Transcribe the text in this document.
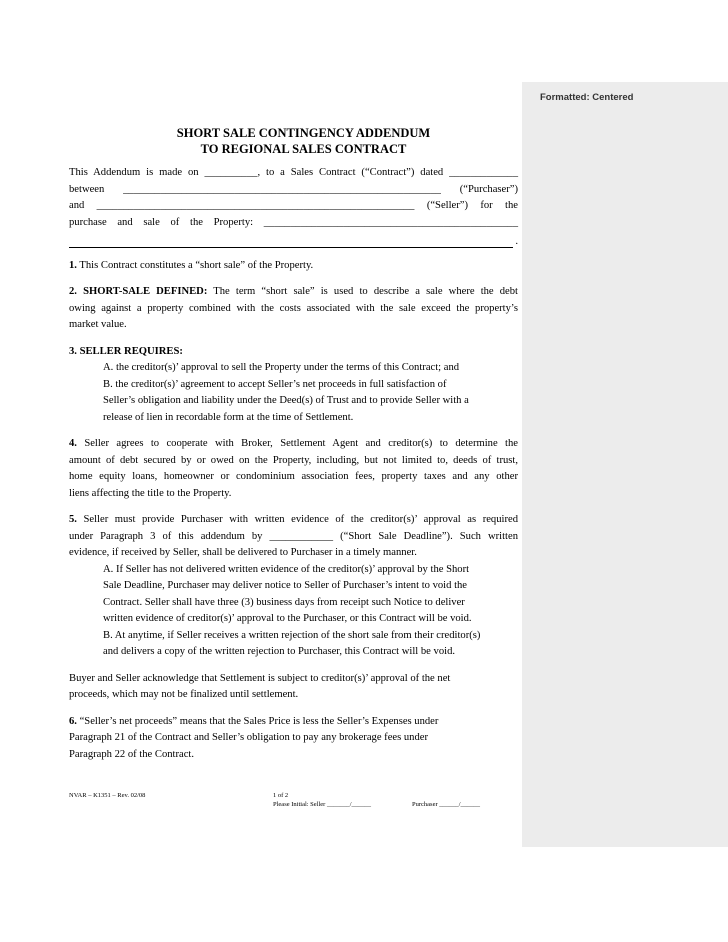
Formatted: Centered
SHORT SALE CONTINGENCY ADDENDUM
TO REGIONAL SALES CONTRACT
This Addendum is made on __________, to a Sales Contract (“Contract”) dated _____________
between ____________________________________________________________ (“Purchaser”)
and ____________________________________________________________ (“Seller”) for the
purchase and sale of the Property: ________________________________________________
.
1. This Contract constitutes a “short sale” of the Property.
2. SHORT-SALE DEFINED: The term “short sale” is used to describe a sale where the debt
owing against a property combined with the costs associated with the sale exceed the property’s
market value.
3. SELLER REQUIRES:
A. the creditor(s)’ approval to sell the Property under the terms of this Contract; and
B. the creditor(s)’ agreement to accept Seller’s net proceeds in full satisfaction of
Seller’s obligation and liability under the Deed(s) of Trust and to provide Seller with a
release of lien in recordable form at the time of Settlement.
4. Seller agrees to cooperate with Broker, Settlement Agent and creditor(s) to determine the
amount of debt secured by or owed on the Property, including, but not limited to, deeds of trust,
home equity loans, homeowner or condominium association fees, property taxes and any other
liens affecting the title to the Property.
5. Seller must provide Purchaser with written evidence of the creditor(s)’ approval as required
under Paragraph 3 of this addendum by ____________ (“Short Sale Deadline”). Such written
evidence, if received by Seller, shall be delivered to Purchaser in a timely manner.
A. If Seller has not delivered written evidence of the creditor(s)’ approval by the Short
Sale Deadline, Purchaser may deliver notice to Seller of Purchaser’s intent to void the
Contract. Seller shall have three (3) business days from receipt such Notice to deliver
written evidence of creditor(s)’ approval to the Purchaser, or this Contract will be void.
B. At anytime, if Seller receives a written rejection of the short sale from their creditor(s)
and delivers a copy of the written rejection to Purchaser, this Contract will be void.
Buyer and Seller acknowledge that Settlement is subject to creditor(s)’ approval of the net
proceeds, which may not be finalized until settlement.
6. “Seller’s net proceeds” means that the Sales Price is less the Seller’s Expenses under
Paragraph 21 of the Contract and Seller’s obligation to pay any brokerage fees under
Paragraph 22 of the Contract.
NVAR – K1351 – Rev. 02/08	1 of 2
Please Initial: Seller _______/______	Purchaser ______/______
